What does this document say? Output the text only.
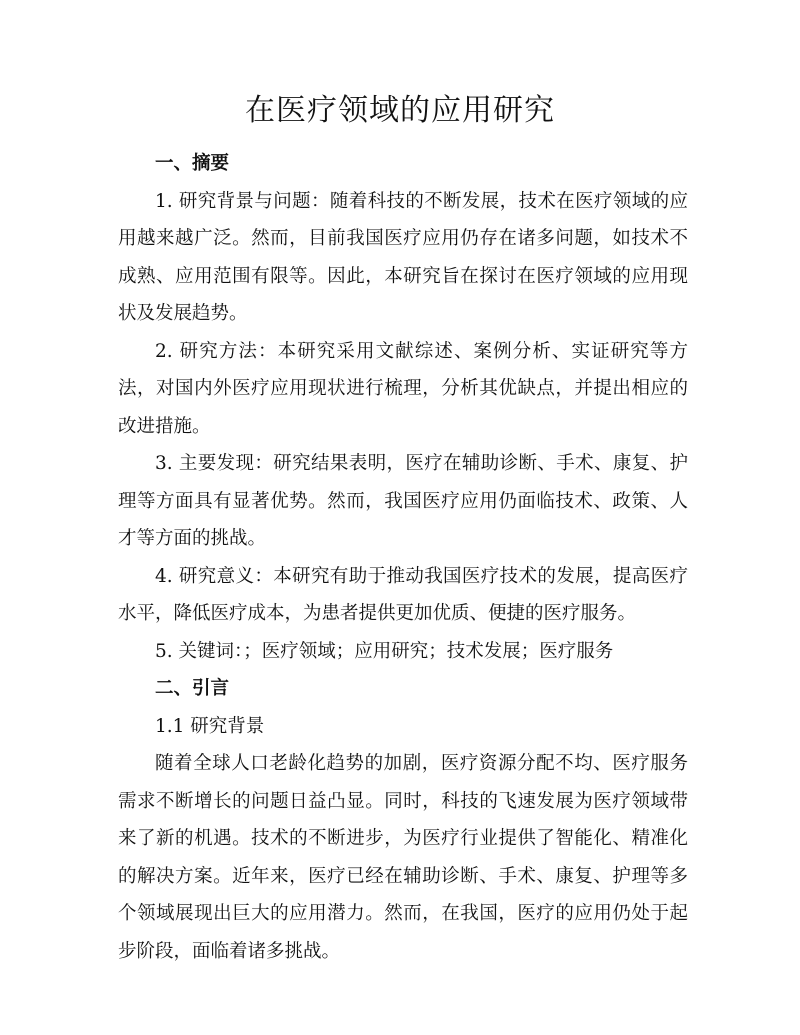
在医疗领域的应用研究

一、摘要

1. 研究背景与问题：随着科技的不断发展，技术在医疗领域的应用越来越广泛。然而，目前我国医疗应用仍存在诸多问题，如技术不成熟、应用范围有限等。因此，本研究旨在探讨在医疗领域的应用现状及发展趋势。

2. 研究方法：本研究采用文献综述、案例分析、实证研究等方法，对国内外医疗应用现状进行梳理，分析其优缺点，并提出相应的改进措施。

3. 主要发现：研究结果表明，医疗在辅助诊断、手术、康复、护理等方面具有显著优势。然而，我国医疗应用仍面临技术、政策、人才等方面的挑战。

4. 研究意义：本研究有助于推动我国医疗技术的发展，提高医疗水平，降低医疗成本，为患者提供更加优质、便捷的医疗服务。

5. 关键词：；医疗领域；应用研究；技术发展；医疗服务

二、引言

1.1 研究背景

随着全球人口老龄化趋势的加剧，医疗资源分配不均、医疗服务需求不断增长的问题日益凸显。同时，科技的飞速发展为医疗领域带来了新的机遇。技术的不断进步，为医疗行业提供了智能化、精准化的解决方案。近年来，医疗已经在辅助诊断、手术、康复、护理等多个领域展现出巨大的应用潜力。然而，在我国，医疗的应用仍处于起步阶段，面临着诸多挑战。
